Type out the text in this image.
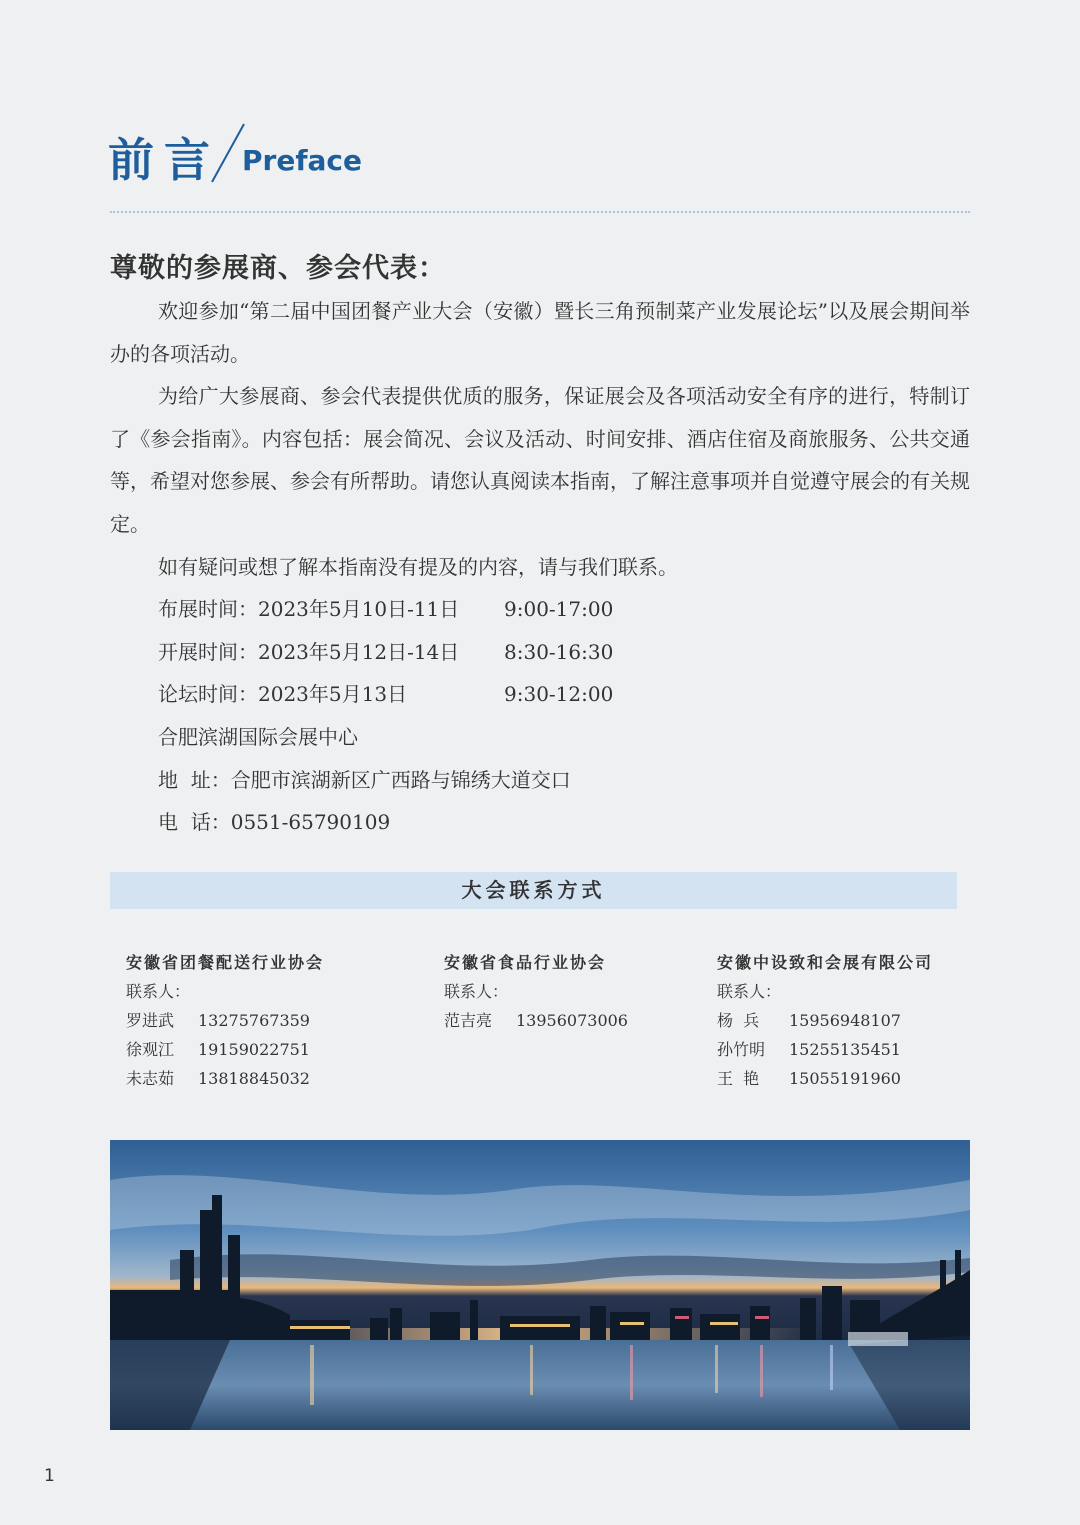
前言 Preface
尊敬的参展商、参会代表：

欢迎参加“第二届中国团餐产业大会（安徽）暨长三角预制菜产业发展论坛”以及展会期间举办的各项活动。

为给广大参展商、参会代表提供优质的服务，保证展会及各项活动安全有序的进行，特制订了《参会指南》。内容包括：展会简况、会议及活动、时间安排、酒店住宿及商旅服务、公共交通等，希望对您参展、参会有所帮助。请您认真阅读本指南，了解注意事项并自觉遵守展会的有关规定。

如有疑问或想了解本指南没有提及的内容，请与我们联系。
布展时间：2023年5月10日-11日	9:00-17:00
开展时间：2023年5月12日-14日	8:30-16:30
论坛时间：2023年5月13日	9:30-12:00
合肥滨湖国际会展中心
地  址：合肥市滨湖新区广西路与锦绣大道交口
电  话：0551-65790109
大会联系方式
安徽省团餐配送行业协会
联系人：
罗进武	13275767359
徐观江	19159022751
未志茹	13818845032
安徽省食品行业协会
联系人：
范吉亮	13956073006
安徽中设致和会展有限公司
联系人：
杨  兵	15956948107
孙竹明	15255135451
王  艳	15055191960
1
